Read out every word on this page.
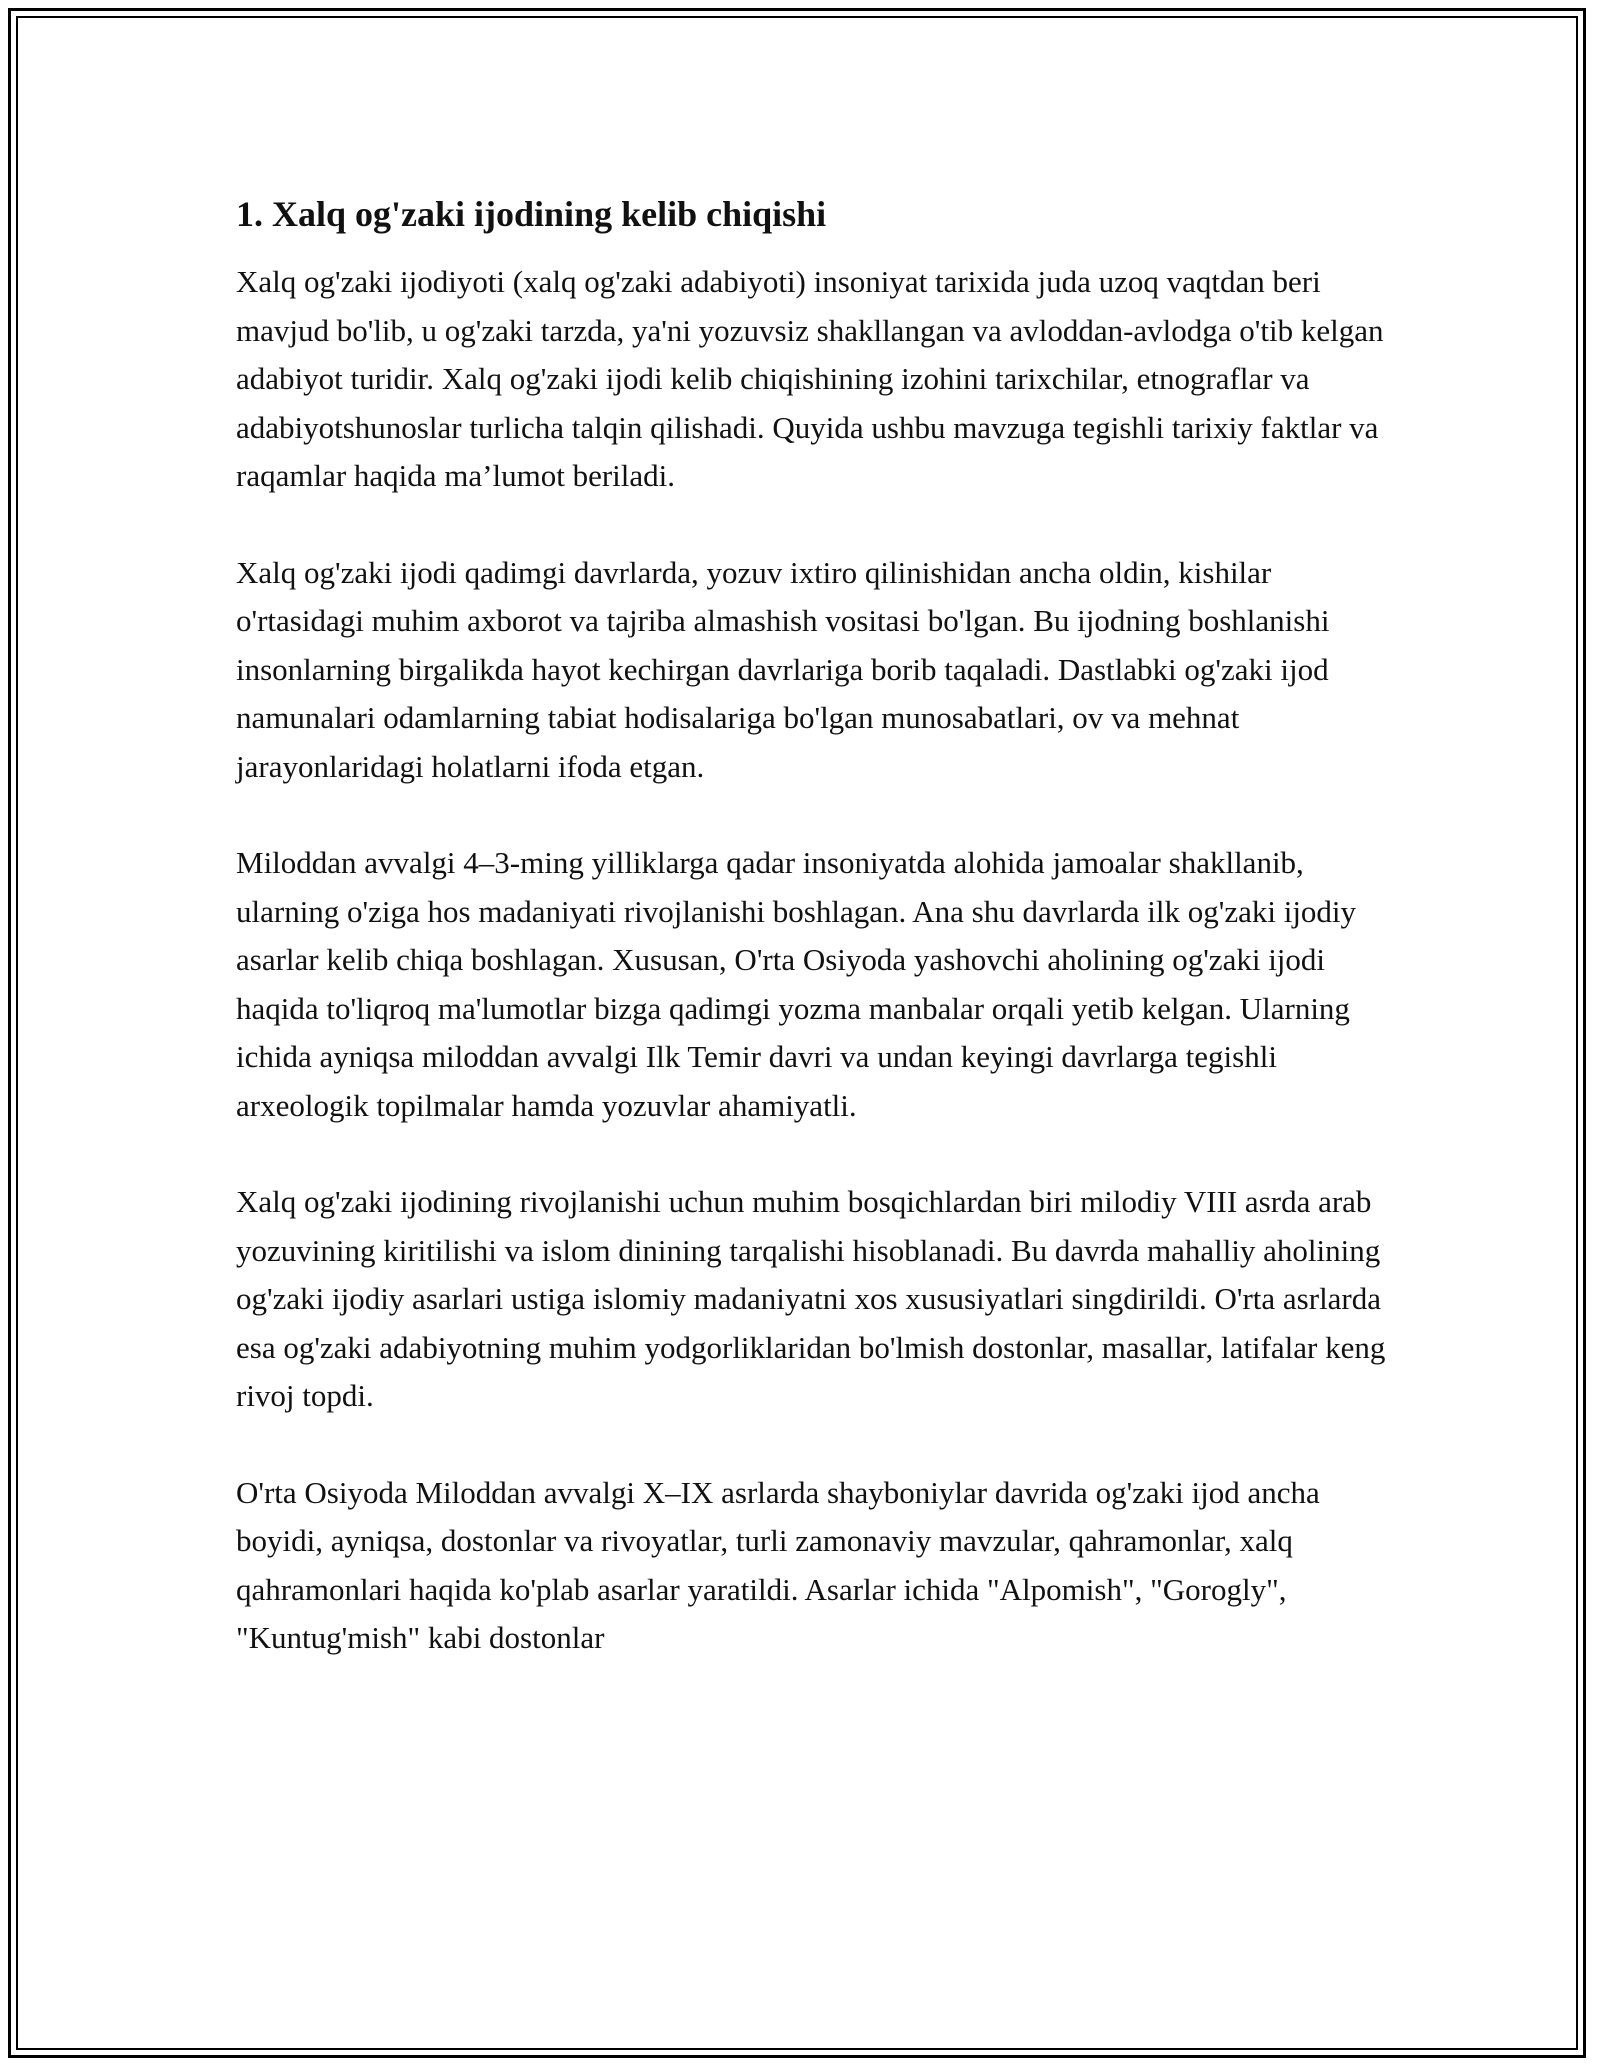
1. Xalq og'zaki ijodining kelib chiqishi

Xalq og'zaki ijodiyoti (xalq og'zaki adabiyoti) insoniyat tarixida juda uzoq vaqtdan beri mavjud bo'lib, u og'zaki tarzda, ya'ni yozuvsiz shakllangan va avloddan-avlodga o'tib kelgan adabiyot turidir. Xalq og'zaki ijodi kelib chiqishining izohini tarixchilar, etnograflar va adabiyotshunoslar turlicha talqin qilishadi. Quyida ushbu mavzuga tegishli tarixiy faktlar va raqamlar haqida ma’lumot beriladi.

Xalq og'zaki ijodi qadimgi davrlarda, yozuv ixtiro qilinishidan ancha oldin, kishilar o'rtasidagi muhim axborot va tajriba almashish vositasi bo'lgan. Bu ijodning boshlanishi insonlarning birgalikda hayot kechirgan davrlariga borib taqaladi. Dastlabki og'zaki ijod namunalari odamlarning tabiat hodisalariga bo'lgan munosabatlari, ov va mehnat jarayonlaridagi holatlarni ifoda etgan.

Miloddan avvalgi 4–3-ming yilliklarga qadar insoniyatda alohida jamoalar shakllanib, ularning o'ziga hos madaniyati rivojlanishi boshlagan. Ana shu davrlarda ilk og'zaki ijodiy asarlar kelib chiqa boshlagan. Xususan, O'rta Osiyoda yashovchi aholining og'zaki ijodi haqida to'liqroq ma'lumotlar bizga qadimgi yozma manbalar orqali yetib kelgan. Ularning ichida ayniqsa miloddan avvalgi Ilk Temir davri va undan keyingi davrlarga tegishli arxeologik topilmalar hamda yozuvlar ahamiyatli.

Xalq og'zaki ijodining rivojlanishi uchun muhim bosqichlardan biri milodiy VIII asrda arab yozuvining kiritilishi va islom dinining tarqalishi hisoblanadi. Bu davrda mahalliy aholining og'zaki ijodiy asarlari ustiga islomiy madaniyatni xos xususiyatlari singdirildi. O'rta asrlarda esa og'zaki adabiyotning muhim yodgorliklaridan bo'lmish dostonlar, masallar, latifalar keng rivoj topdi.

O'rta Osiyoda Miloddan avvalgi X–IX asrlarda shayboniylar davrida og'zaki ijod ancha boyidi, ayniqsa, dostonlar va rivoyatlar, turli zamonaviy mavzular, qahramonlar, xalq qahramonlari haqida ko'plab asarlar yaratildi. Asarlar ichida "Alpomish", "Gorogly", "Kuntug'mish" kabi dostonlar
